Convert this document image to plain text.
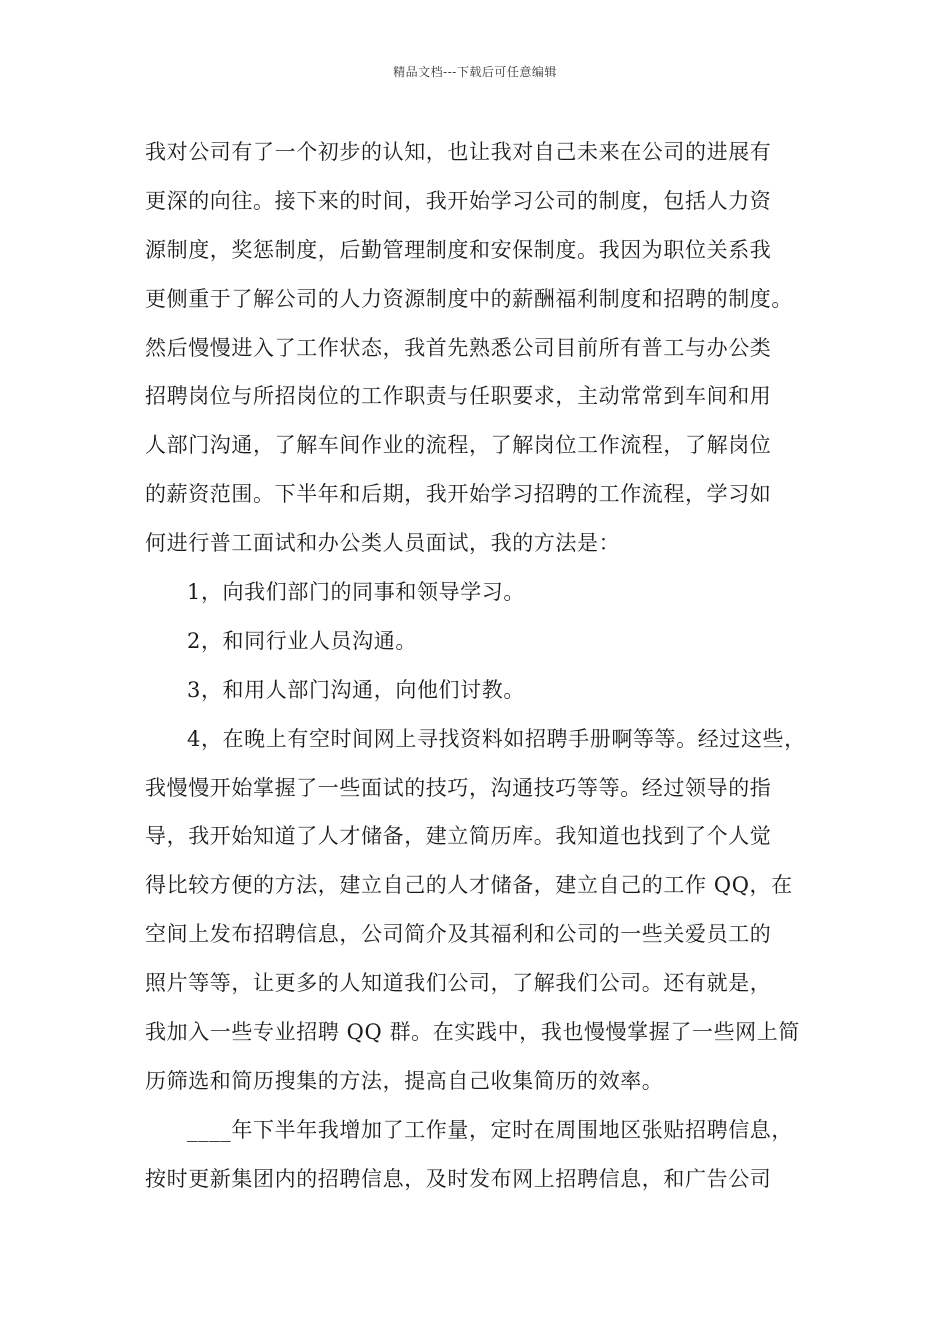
精品文档---下载后可任意编辑
我对公司有了一个初步的认知，也让我对自己未来在公司的进展有
更深的向往。接下来的时间，我开始学习公司的制度，包括人力资
源制度，奖惩制度，后勤管理制度和安保制度。我因为职位关系我
更侧重于了解公司的人力资源制度中的薪酬福利制度和招聘的制度。
然后慢慢进入了工作状态，我首先熟悉公司目前所有普工与办公类
招聘岗位与所招岗位的工作职责与任职要求，主动常常到车间和用
人部门沟通，了解车间作业的流程，了解岗位工作流程，了解岗位
的薪资范围。下半年和后期，我开始学习招聘的工作流程，学习如
何进行普工面试和办公类人员面试，我的方法是：
1，向我们部门的同事和领导学习。
2，和同行业人员沟通。
3，和用人部门沟通，向他们讨教。
4，在晚上有空时间网上寻找资料如招聘手册啊等等。经过这些，
我慢慢开始掌握了一些面试的技巧，沟通技巧等等。经过领导的指
导，我开始知道了人才储备，建立简历库。我知道也找到了个人觉
得比较方便的方法，建立自己的人才储备，建立自己的工作 QQ，在
空间上发布招聘信息，公司简介及其福利和公司的一些关爱员工的
照片等等，让更多的人知道我们公司，了解我们公司。还有就是，
我加入一些专业招聘 QQ 群。在实践中，我也慢慢掌握了一些网上简
历筛选和简历搜集的方法，提高自己收集简历的效率。
____年下半年我增加了工作量，定时在周围地区张贴招聘信息，
按时更新集团内的招聘信息，及时发布网上招聘信息，和广告公司
